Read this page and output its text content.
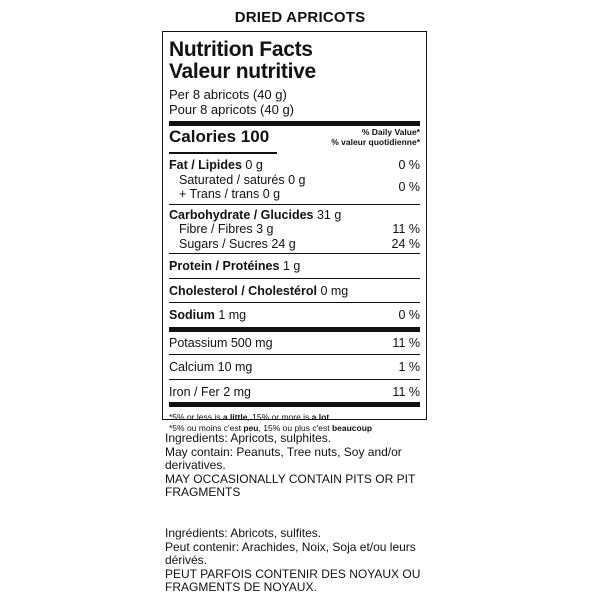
DRIED APRICOTS
Nutrition Facts
Valeur nutritive
Per 8 abricots (40 g)
Pour 8 apricots (40 g)
Calories 100	% Daily Value*
% valeur quotidienne*
Fat / Lipides 0 g	0 %
Saturated / saturés 0 g
+ Trans / trans 0 g	0 %
Carbohydrate / Glucides 31 g
Fibre / Fibres 3 g	11 %
Sugars / Sucres 24 g	24 %
Protein / Protéines 1 g
Cholesterol / Cholestérol 0 mg
Sodium 1 mg	0 %
Potassium 500 mg	11 %
Calcium 10 mg	1 %
Iron / Fer 2 mg	11 %
*5% or less is a little, 15% or more is a lot
*5% ou moins c'est peu, 15% ou plus c'est beaucoup

Ingredients: Apricots, sulphites.

May contain: Peanuts, Tree nuts, Soy and/or derivatives.

MAY OCCASIONALLY CONTAIN PITS OR PIT FRAGMENTS

Ingrédients: Abricots, sulfites.

Peut contenir: Arachides, Noix, Soja et/ou leurs dérivés.

PEUT PARFOIS CONTENIR DES NOYAUX OU FRAGMENTS DE NOYAUX.
